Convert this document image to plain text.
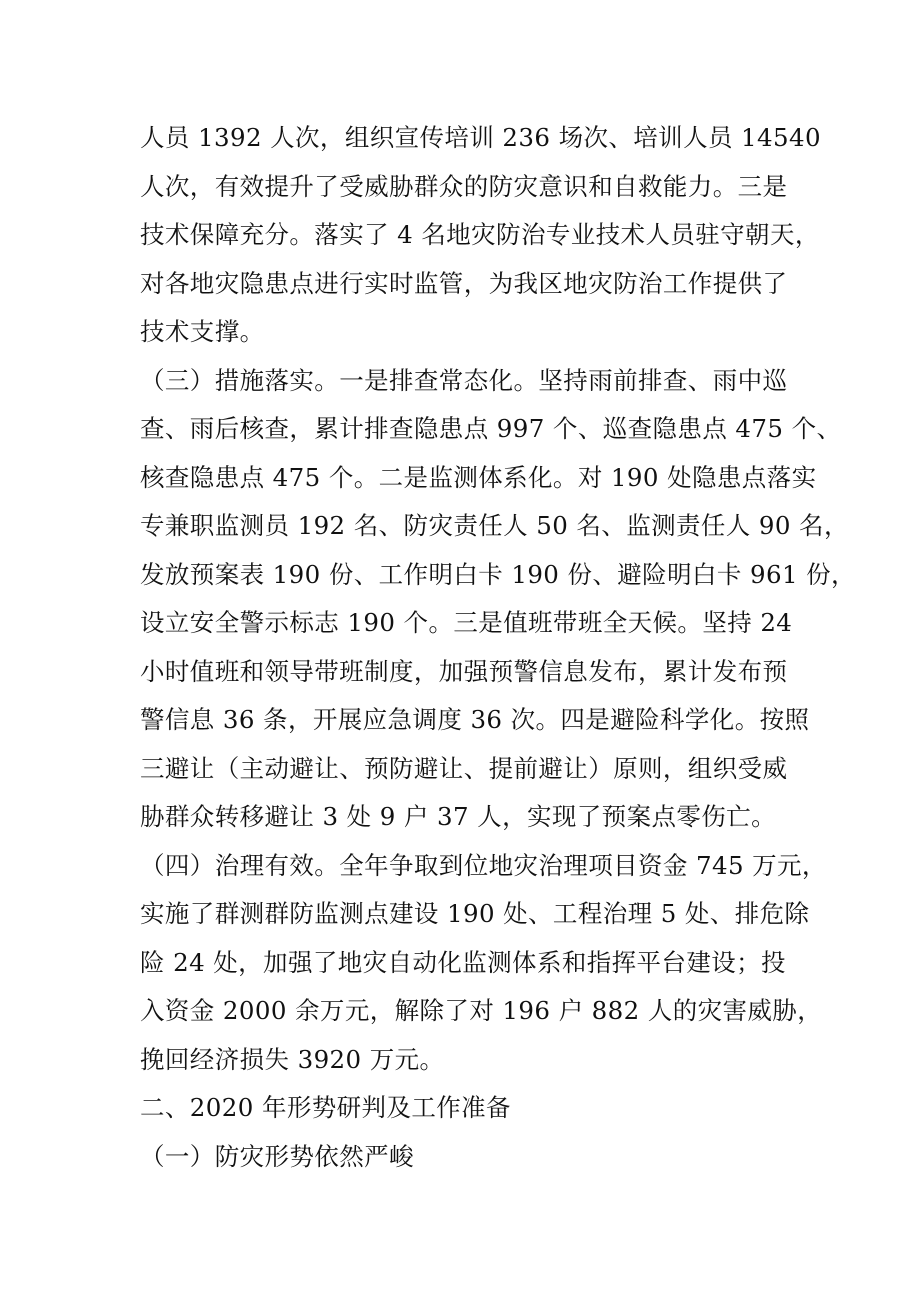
人员 1392 人次，组织宣传培训 236 场次、培训人员 14540
人次，有效提升了受威胁群众的防灾意识和自救能力。三是
技术保障充分。落实了 4 名地灾防治专业技术人员驻守朝天，
对各地灾隐患点进行实时监管，为我区地灾防治工作提供了
技术支撑。
（三）措施落实。一是排查常态化。坚持雨前排查、雨中巡
查、雨后核查，累计排查隐患点 997 个、巡查隐患点 475 个、
核查隐患点 475 个。二是监测体系化。对 190 处隐患点落实
专兼职监测员 192 名、防灾责任人 50 名、监测责任人 90 名，
发放预案表 190 份、工作明白卡 190 份、避险明白卡 961 份，
设立安全警示标志 190 个。三是值班带班全天候。坚持 24
小时值班和领导带班制度，加强预警信息发布，累计发布预
警信息 36 条，开展应急调度 36 次。四是避险科学化。按照
三避让（主动避让、预防避让、提前避让）原则，组织受威
胁群众转移避让 3 处 9 户 37 人，实现了预案点零伤亡。
（四）治理有效。全年争取到位地灾治理项目资金 745 万元，
实施了群测群防监测点建设 190 处、工程治理 5 处、排危除
险 24 处，加强了地灾自动化监测体系和指挥平台建设；投
入资金 2000 余万元，解除了对 196 户 882 人的灾害威胁，
挽回经济损失 3920 万元。
二、2020 年形势研判及工作准备
（一）防灾形势依然严峻
